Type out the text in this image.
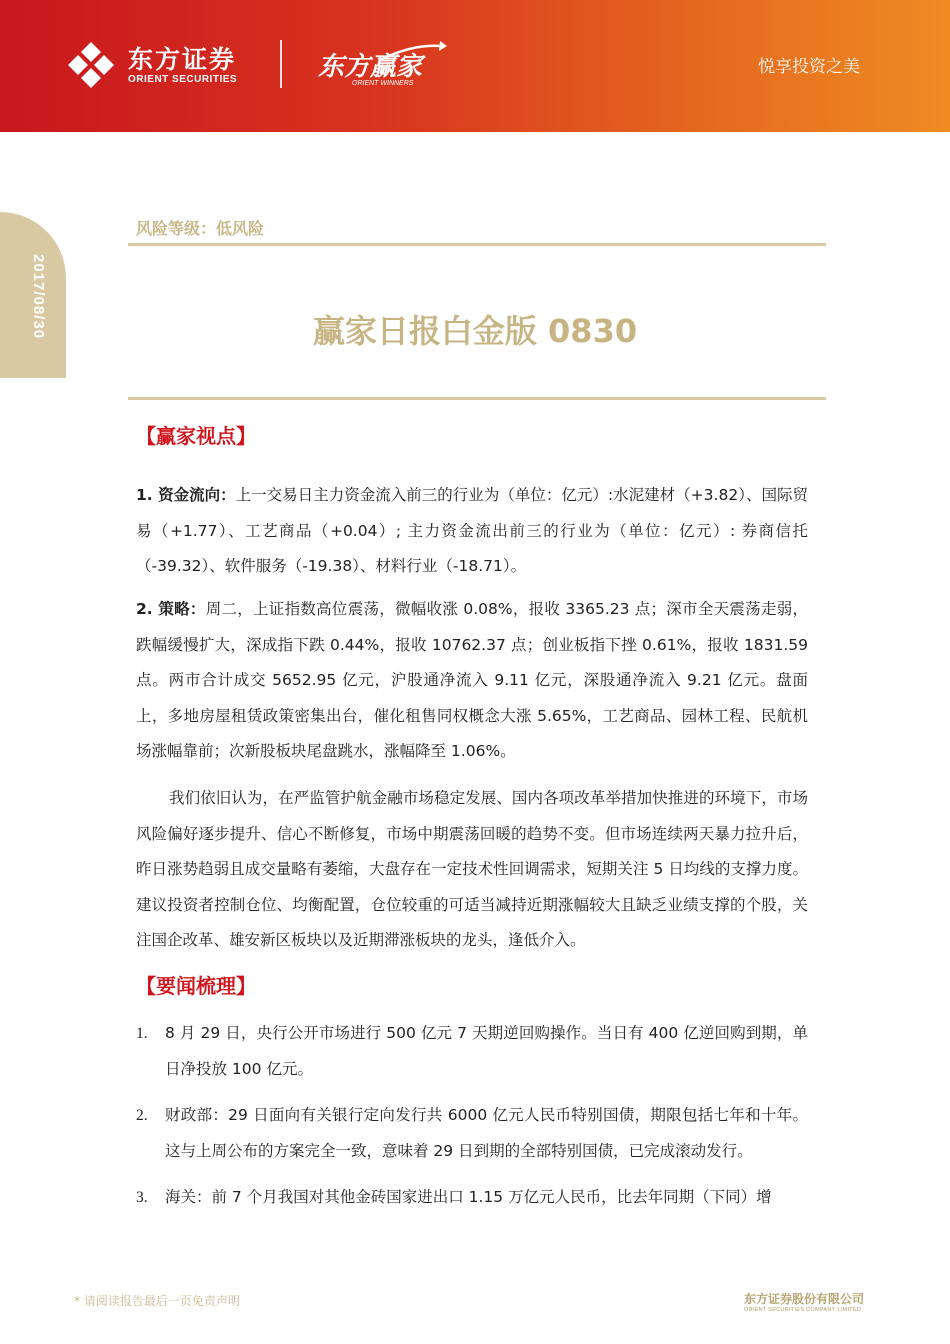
东方证券
ORIENT SECURITIES	东方赢家
ORIENT WINNERS
悦享投资之美
2017/08/30
风险等级：低风险
赢家日报白金版 0830
【赢家视点】
1. 资金流向：上一交易日主力资金流入前三的行业为（单位：亿元）:水泥建材（+3.82）、国际贸易（+1.77）、工艺商品（+0.04）; 主力资金流出前三的行业为（单位：亿元）: 券商信托（-39.32）、软件服务（-19.38）、材料行业（-18.71）。
2. 策略：周二，上证指数高位震荡，微幅收涨 0.08%，报收 3365.23 点；深市全天震荡走弱，跌幅缓慢扩大，深成指下跌 0.44%，报收 10762.37 点；创业板指下挫 0.61%，报收 1831.59 点。两市合计成交 5652.95 亿元，沪股通净流入 9.11 亿元，深股通净流入 9.21 亿元。盘面上，多地房屋租赁政策密集出台，催化租售同权概念大涨 5.65%，工艺商品、园林工程、民航机场涨幅靠前；次新股板块尾盘跳水，涨幅降至 1.06%。
我们依旧认为，在严监管护航金融市场稳定发展、国内各项改革举措加快推进的环境下，市场风险偏好逐步提升、信心不断修复，市场中期震荡回暖的趋势不变。但市场连续两天暴力拉升后，昨日涨势趋弱且成交量略有萎缩，大盘存在一定技术性回调需求，短期关注 5 日均线的支撑力度。建议投资者控制仓位、均衡配置，仓位较重的可适当减持近期涨幅较大且缺乏业绩支撑的个股，关注国企改革、雄安新区板块以及近期滞涨板块的龙头，逢低介入。
【要闻梳理】
1.	8 月 29 日，央行公开市场进行 500 亿元 7 天期逆回购操作。当日有 400 亿逆回购到期，单日净投放 100 亿元。
2.	财政部：29 日面向有关银行定向发行共 6000 亿元人民币特别国债，期限包括七年和十年。这与上周公布的方案完全一致，意味着 29 日到期的全部特别国债，已完成滚动发行。
3.	海关：前 7 个月我国对其他金砖国家进出口 1.15 万亿元人民币，比去年同期（下同）增
* 请阅读报告最后一页免责声明	东方证券股份有限公司
ORIENT SECURITIES COMPANY LIMITED
